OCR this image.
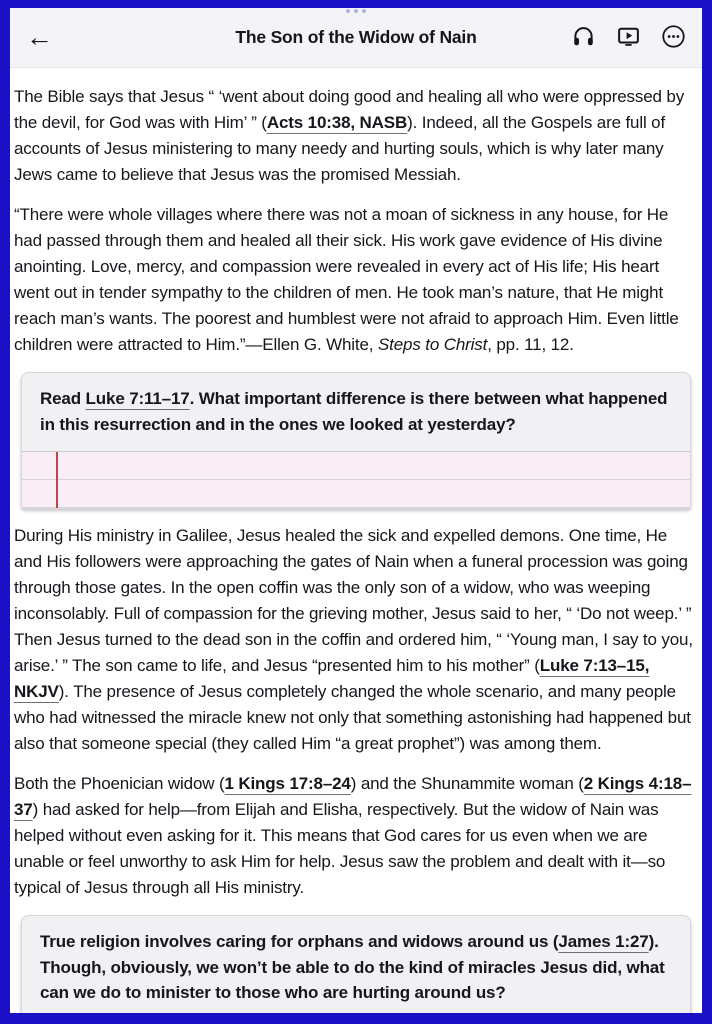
←	The Son of the Widow of Nain

The Bible says that Jesus “ ‘went about doing good and healing all who were oppressed by the devil, for God was with Him’ ” (Acts 10:38, NASB). Indeed, all the Gospels are full of accounts of Jesus ministering to many needy and hurting souls, which is why later many Jews came to believe that Jesus was the promised Messiah.

“There were whole villages where there was not a moan of sickness in any house, for He had passed through them and healed all their sick. His work gave evidence of His divine anointing. Love, mercy, and compassion were revealed in every act of His life; His heart went out in tender sympathy to the children of men. He took man’s nature, that He might reach man’s wants. The poorest and humblest were not afraid to approach Him. Even little children were attracted to Him.”—Ellen G. White, Steps to Christ, pp. 11, 12.

Read Luke 7:11–17. What important difference is there between what happened in this resurrection and in the ones we looked at yesterday?

During His ministry in Galilee, Jesus healed the sick and expelled demons. One time, He and His followers were approaching the gates of Nain when a funeral procession was going through those gates. In the open coffin was the only son of a widow, who was weeping inconsolably. Full of compassion for the grieving mother, Jesus said to her, “ ‘Do not weep.’ ” Then Jesus turned to the dead son in the coffin and ordered him, “ ‘Young man, I say to you, arise.’ ” The son came to life, and Jesus “presented him to his mother” (Luke 7:13–15, NKJV). The presence of Jesus completely changed the whole scenario, and many people who had witnessed the miracle knew not only that something astonishing had happened but also that someone special (they called Him “a great prophet”) was among them.

Both the Phoenician widow (1 Kings 17:8–24) and the Shunammite woman (2 Kings 4:18–37) had asked for help—from Elijah and Elisha, respectively. But the widow of Nain was helped without even asking for it. This means that God cares for us even when we are unable or feel unworthy to ask Him for help. Jesus saw the problem and dealt with it—so typical of Jesus through all His ministry.

True religion involves caring for orphans and widows around us (James 1:27). Though, obviously, we won’t be able to do the kind of miracles Jesus did, what can we do to minister to those who are hurting around us?
